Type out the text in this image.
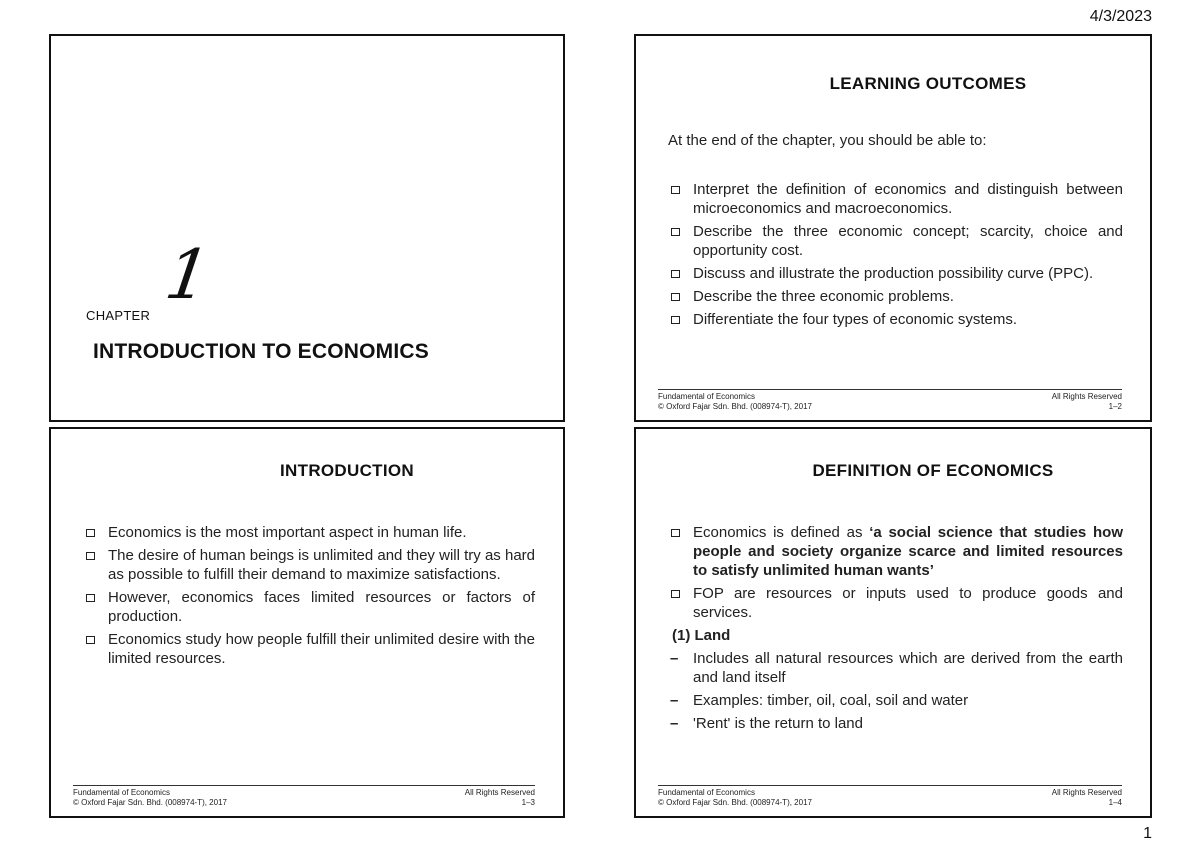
4/3/2023
1
CHAPTER
INTRODUCTION TO ECONOMICS
LEARNING OUTCOMES
At the end of the chapter, you should be able to:
Interpret the definition of economics and distinguish between microeconomics and macroeconomics.
Describe the three economic concept; scarcity, choice and opportunity cost.
Discuss and illustrate the production possibility curve (PPC).
Describe the three economic problems.
Differentiate the four types of economic systems.
Fundamental of Economics
© Oxford Fajar Sdn. Bhd. (008974-T), 2017
All Rights Reserved
1–2
INTRODUCTION
Economics is the most important aspect in human life.
The desire of human beings is unlimited and they will try as hard as possible to fulfill their demand to maximize satisfactions.
However, economics faces limited resources or factors of production.
Economics study how people fulfill their unlimited desire with the limited resources.
Fundamental of Economics
© Oxford Fajar Sdn. Bhd. (008974-T), 2017
All Rights Reserved
1–3
DEFINITION OF ECONOMICS
Economics is defined as ‘a social science that studies how people and society organize scarce and limited resources to satisfy unlimited human wants’
FOP are resources or inputs used to produce goods and services.
(1) Land
– Includes all natural resources which are derived from the earth and land itself
– Examples: timber, oil, coal, soil and water
– 'Rent' is the return to land
Fundamental of Economics
© Oxford Fajar Sdn. Bhd. (008974-T), 2017
All Rights Reserved
1–4
1
